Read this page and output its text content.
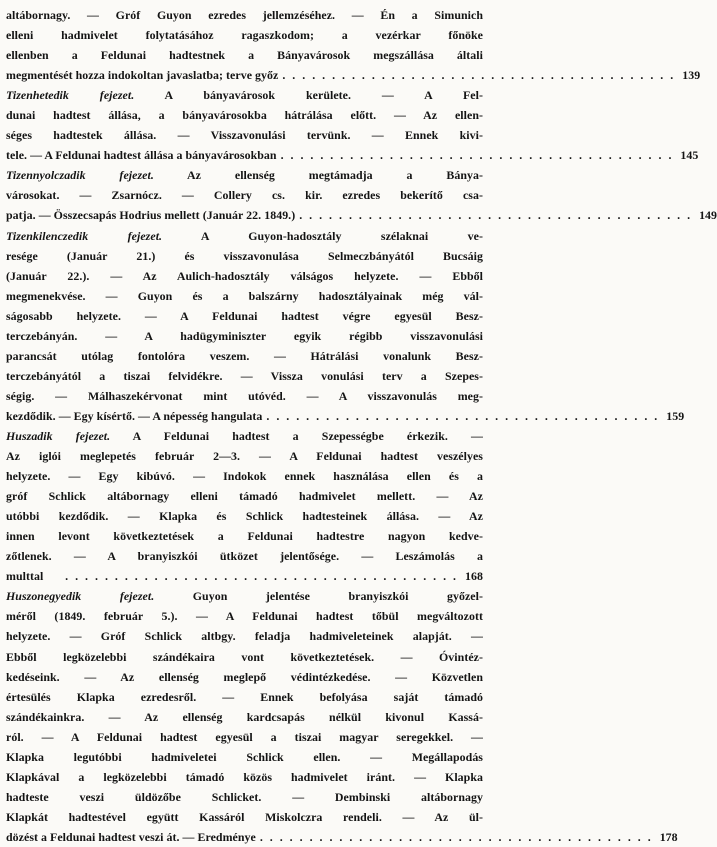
altábornagy. — Gróf Guyon ezredes jellemzéséhez. — Én a Simunich
elleni hadmivelet folytatásához ragaszkodom; a vezérkar főnöke
ellenben a Feldunai hadtestnek a Bányavárosok megszállása általi
megmentését hozza indokoltan javaslatba; terve győz . . . . . . . . . . . . . . . . . . . . . . . . . . . . . . . . . . . . . . . . 139
Tizenhetedik fejezet. A bányavárosok kerülete. — A Fel-
dunai hadtest állása, a bányavárosokba hátrálása előtt. — Az ellen-
séges hadtestek állása. — Visszavonulási tervünk. — Ennek kivi-
tele. — A Feldunai hadtest állása a bányavárosokban . . . . . . . . . . . . . . . . . . . . . . . . . . . . . . . . . . . . . . . . 145
Tizennyolczadik fejezet. Az ellenség megtámadja a Bánya-
városokat. — Zsarnócz. — Collery cs. kir. ezredes bekerítő csa-
patja. — Összecsapás Hodrius mellett (Január 22. 1849.) . . . . . . . . . . . . . . . . . . . . . . . . . . . . . . . . . . . . . . . . 149
Tizenkilenczedik fejezet. A Guyon-hadosztály szélaknai ve-
resége (Január 21.) és visszavonulása Selmeczbányától Bucsáig
(Január 22.). — Az Aulich-hadosztály válságos helyzete. — Ebből
megmenekvése. — Guyon és a balszárny hadosztályainak még vál-
ságosabb helyzete. — A Feldunai hadtest végre egyesül Besz-
terczebányán. — A hadügyminiszter egyik régibb visszavonulási
parancsát utólag fontolóra veszem. — Hátrálási vonalunk Besz-
terczebányától a tiszai felvidékre. — Vissza vonulási terv a Szepes-
ségig. — Málhaszekérvonat mint utóvéd. — A visszavonulás meg-
kezdődik. — Egy kísértő. — A népesség hangulata . . . . . . . . . . . . . . . . . . . . . . . . . . . . . . . . . . . . . . . . 159
Huszadik fejezet. A Feldunai hadtest a Szepességbe érkezik. —
Az iglói meglepetés február 2—3. — A Feldunai hadtest veszélyes
helyzete. — Egy kibúvó. — Indokok ennek használása ellen és a
gróf Schlick altábornagy elleni támadó hadmivelet mellett. — Az
utóbbi kezdődik. — Klapka és Schlick hadtesteinek állása. — Az
innen levont következtetések a Feldunai hadtestre nagyon kedve-
zőtlenek. — A branyiszkói ütközet jelentősége. — Leszámolás a
multtal	. . . . . . . . . . . . . . . . . . . . . . . . . . . . . . . . . . . . . . . . 168
Huszonegyedik fejezet. Guyon jelentése branyiszkói győzel-
méről (1849. február 5.). — A Feldunai hadtest tőbül megváltozott
helyzete. — Gróf Schlick altbgy. feladja hadmiveleteinek alapját. —
Ebből legközelebbi szándékaira vont következtetések. — Óvintéz-
kedéseink. — Az ellenség meglepő védintézkedése. — Közvetlen
értesülés Klapka ezredesről. — Ennek befolyása saját támadó
szándékainkra. — Az ellenség kardcsapás nélkül kivonul Kassá-
ról. — A Feldunai hadtest egyesül a tiszai magyar seregekkel. —
Klapka legutóbbi hadmiveletei Schlick ellen. — Megállapodás
Klapkával a legközelebbi támadó közös hadmivelet iránt. — Klapka
hadteste veszi üldözőbe Schlicket. — Dembinski altábornagy
Klapkát hadtestével együtt Kassáról Miskolczra rendeli. — Az ül-
dözést a Feldunai hadtest veszi át. — Eredménye . . . . . . . . . . . . . . . . . . . . . . . . . . . . . . . . . . . . . . . . 178
